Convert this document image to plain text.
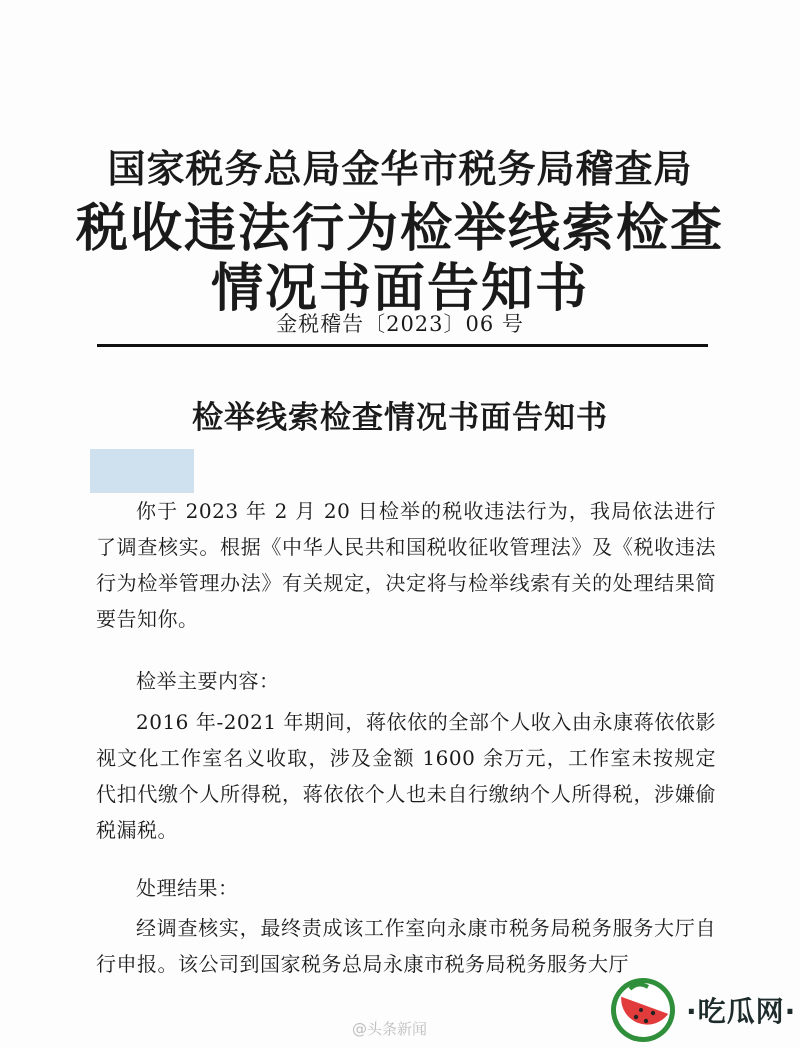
国家税务总局金华市税务局稽查局
税收违法行为检举线索检查
情况书面告知书
金税稽告〔2023〕06 号
检举线索检查情况书面告知书

你于 2023 年 2 月 20 日检举的税收违法行为，我局依法进行了调查核实。根据《中华人民共和国税收征收管理法》及《税收违法行为检举管理办法》有关规定，决定将与检举线索有关的处理结果简要告知你。

检举主要内容：

2016 年-2021 年期间，蒋依依的全部个人收入由永康蒋依依影视文化工作室名义收取，涉及金额 1600 余万元，工作室未按规定代扣代缴个人所得税，蒋依依个人也未自行缴纳个人所得税，涉嫌偷税漏税。

处理结果：

经调查核实，最终责成该工作室向永康市税务局税务服务大厅自行申报。该公司到国家税务总局永康市税务局税务服务大厅

@头条新闻
·吃瓜网·
